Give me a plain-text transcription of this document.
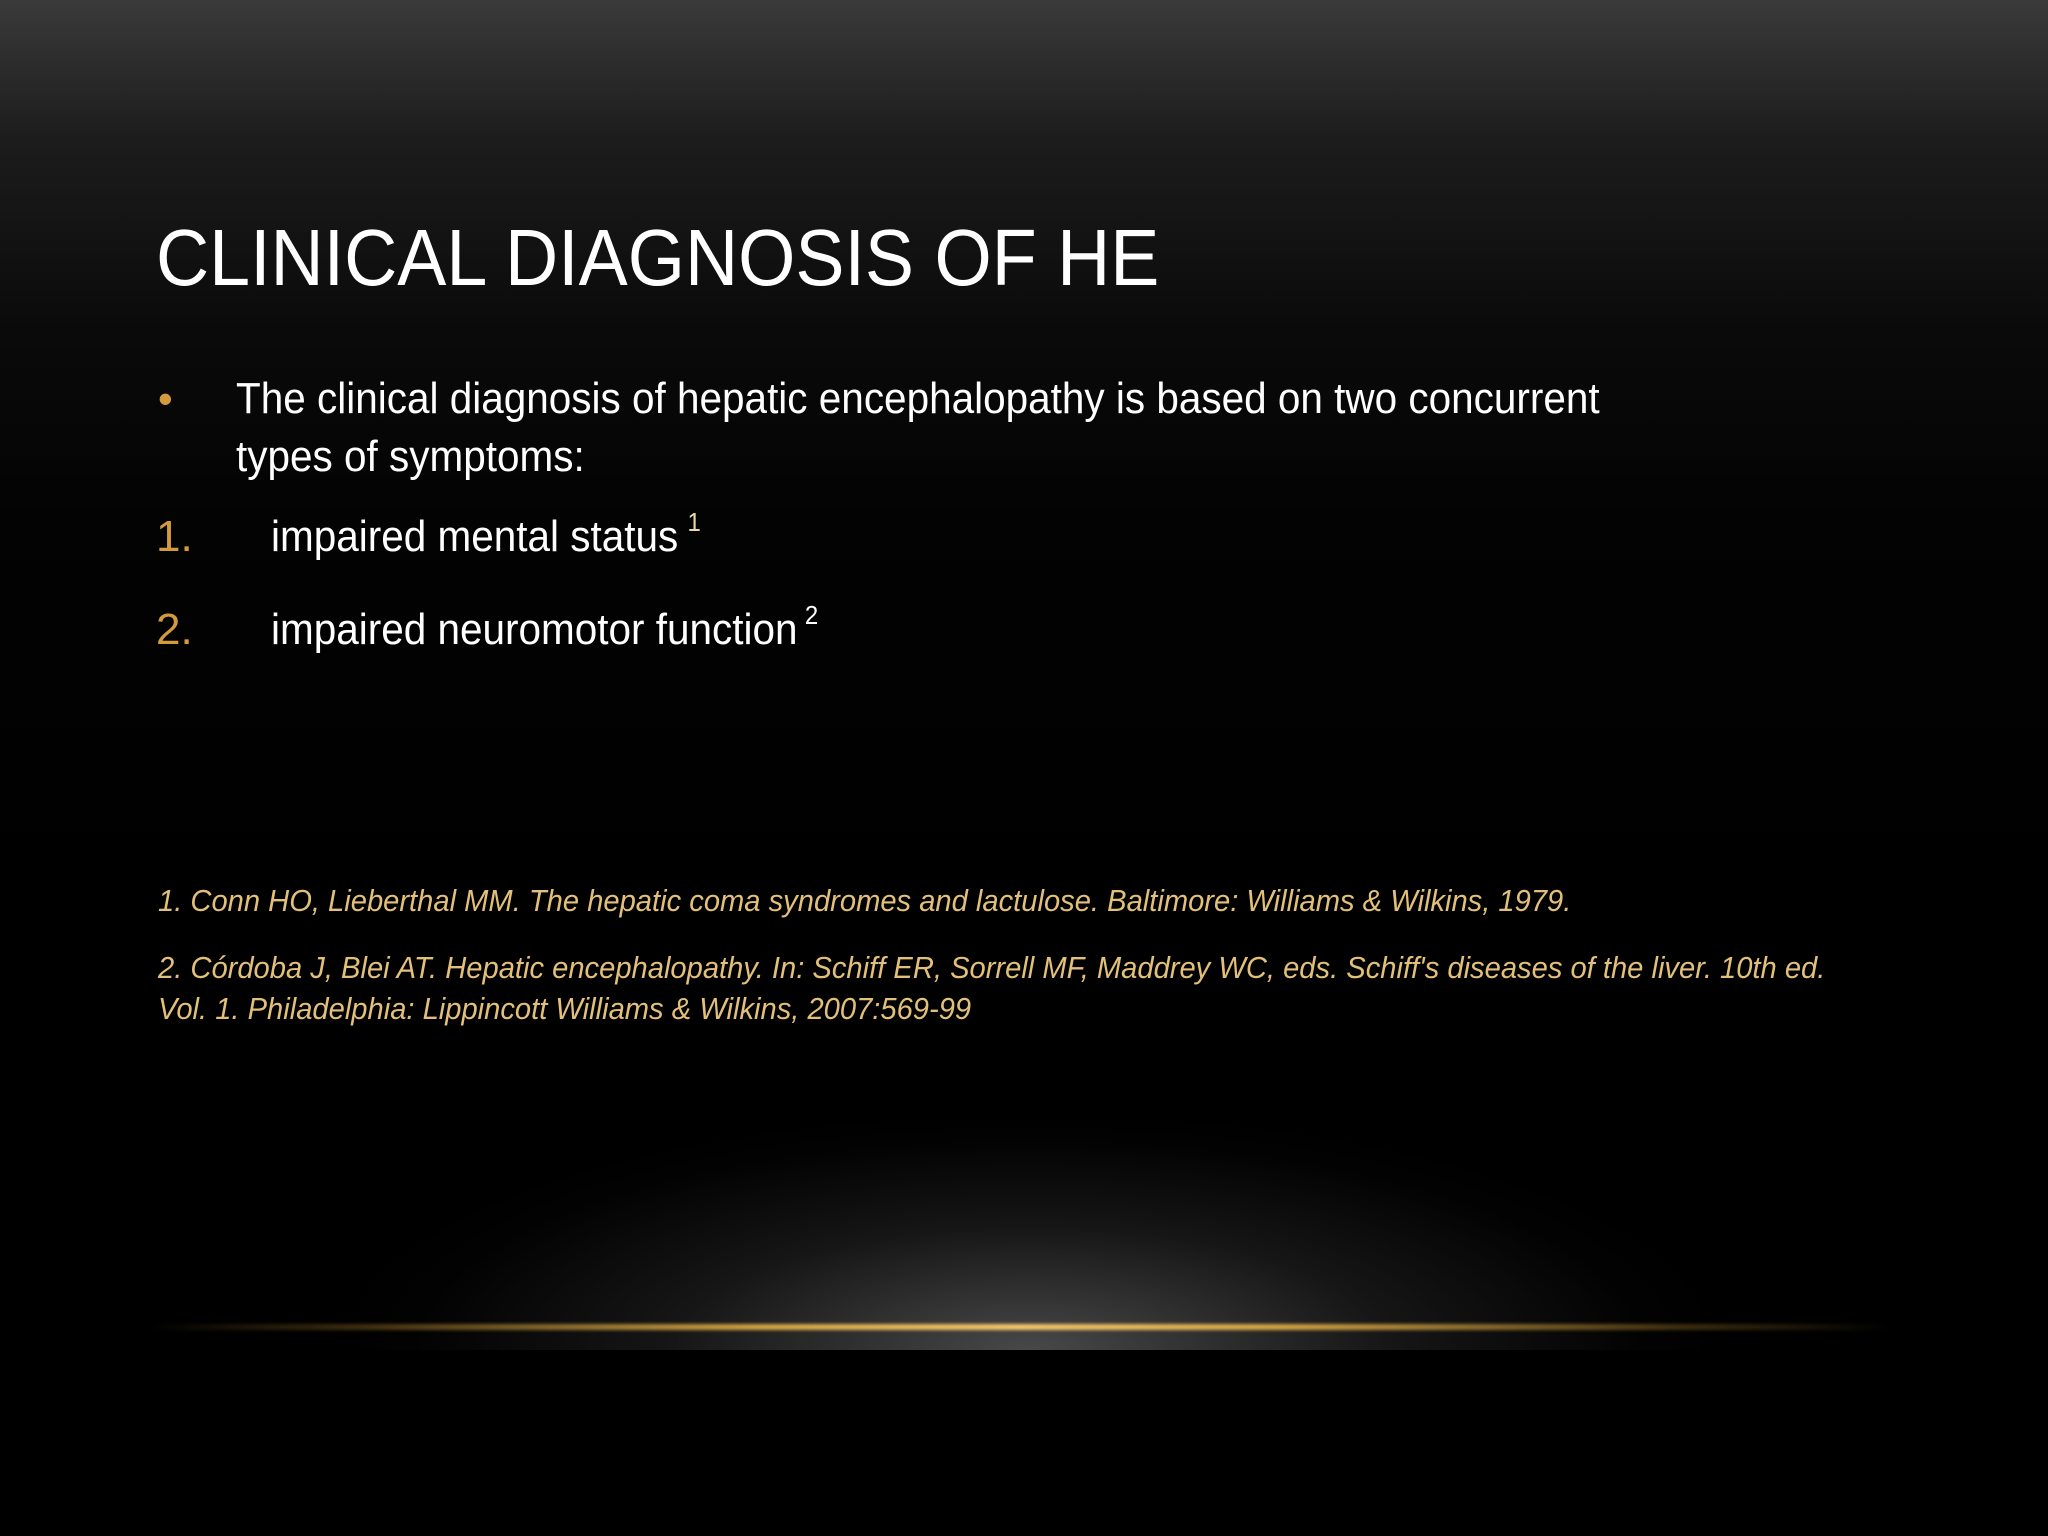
CLINICAL DIAGNOSIS OF HE
•	The clinical diagnosis of hepatic encephalopathy is based on two concurrent types of symptoms:
1.	impaired mental status $^1$
2.	impaired neuromotor function $^2$
1. Conn HO, Lieberthal MM. The hepatic coma syndromes and lactulose. Baltimore: Williams & Wilkins, 1979.
2. Córdoba J, Blei AT. Hepatic encephalopathy. In: Schiff ER, Sorrell MF, Maddrey WC, eds. Schiff's diseases of the liver. 10th ed. Vol. 1. Philadelphia: Lippincott Williams & Wilkins, 2007:569-99
